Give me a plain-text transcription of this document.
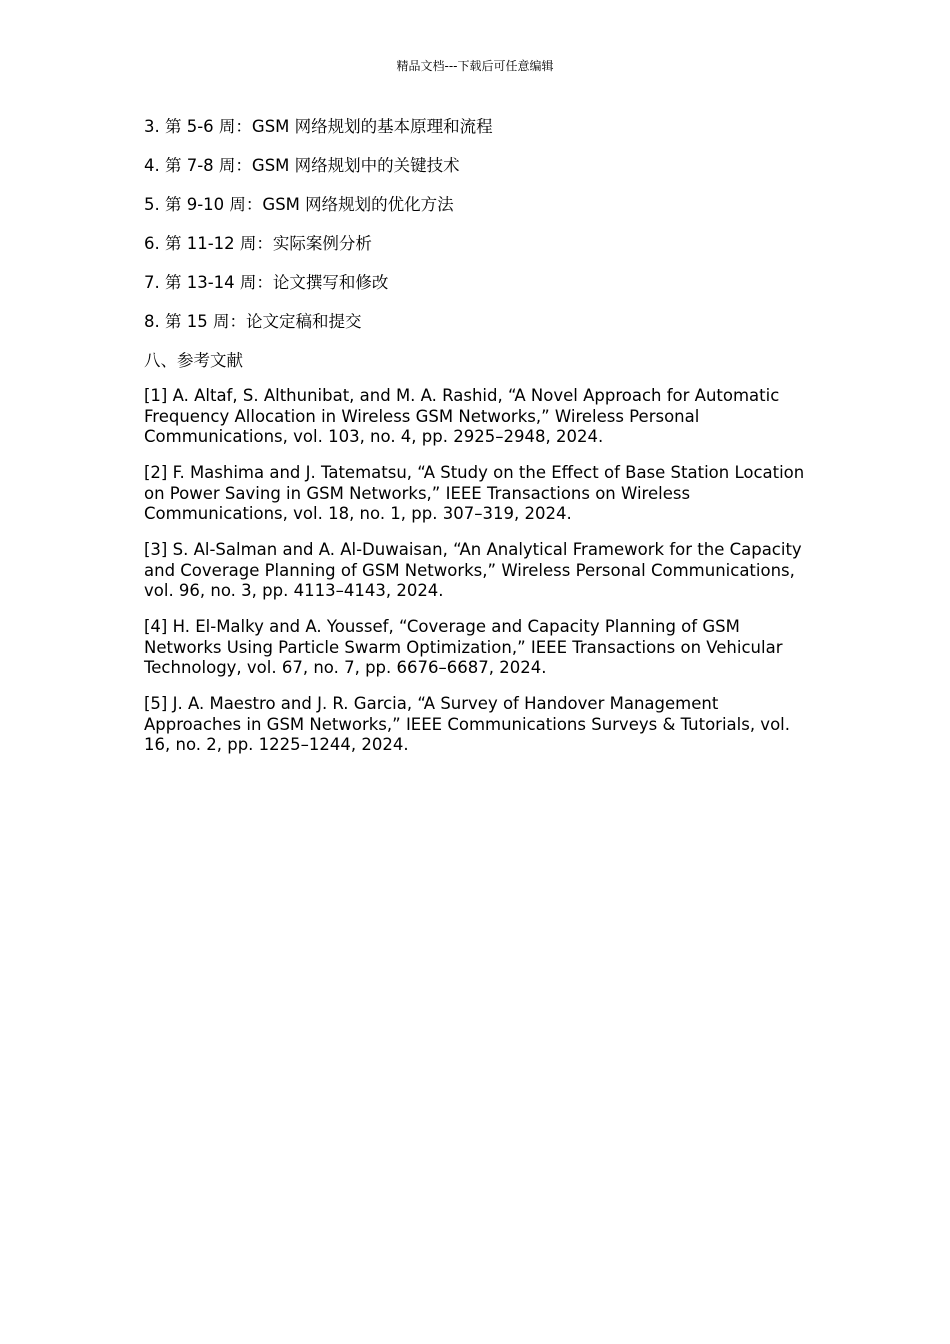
精品文档---下载后可任意编辑

3. 第 5-6 周：GSM 网络规划的基本原理和流程

4. 第 7-8 周：GSM 网络规划中的关键技术

5. 第 9-10 周：GSM 网络规划的优化方法

6. 第 11-12 周：实际案例分析

7. 第 13-14 周：论文撰写和修改

8. 第 15 周：论文定稿和提交

八、参考文献

[1] A. Altaf, S. Althunibat, and M. A. Rashid, “A Novel Approach for Automatic Frequency Allocation in Wireless GSM Networks,” Wireless Personal Communications, vol. 103, no. 4, pp. 2925–2948, 2024.

[2] F. Mashima and J. Tatematsu, “A Study on the Effect of Base Station Location on Power Saving in GSM Networks,” IEEE Transactions on Wireless Communications, vol. 18, no. 1, pp. 307–319, 2024.

[3] S. Al-Salman and A. Al-Duwaisan, “An Analytical Framework for the Capacity and Coverage Planning of GSM Networks,” Wireless Personal Communications, vol. 96, no. 3, pp. 4113–4143, 2024.

[4] H. El-Malky and A. Youssef, “Coverage and Capacity Planning of GSM Networks Using Particle Swarm Optimization,” IEEE Transactions on Vehicular Technology, vol. 67, no. 7, pp. 6676–6687, 2024.

[5] J. A. Maestro and J. R. Garcia, “A Survey of Handover Management Approaches in GSM Networks,” IEEE Communications Surveys & Tutorials, vol. 16, no. 2, pp. 1225–1244, 2024.
